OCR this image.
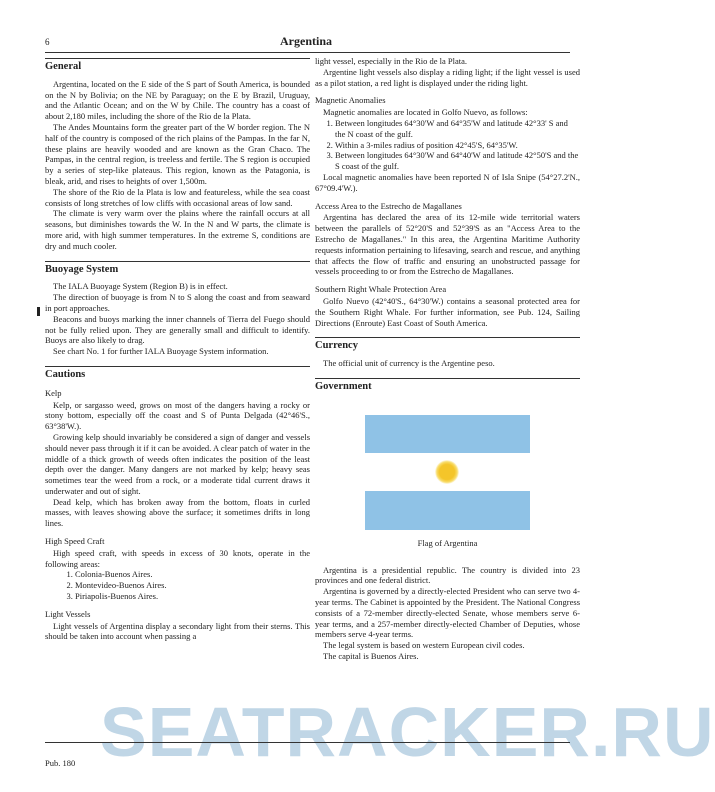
6	Argentina
General

Argentina, located on the E side of the S part of South America, is bounded on the N by Bolivia; on the NE by Paraguay; on the E by Brazil, Uruguay, and the Atlantic Ocean; and on the W by Chile. The country has a coast of about 2,180 miles, including the shore of the Rio de la Plata.

The Andes Mountains form the greater part of the W border region. The N half of the country is composed of the rich plains of the Pampas. In the far N, these plains are heavily wooded and are known as the Gran Chaco. The Pampas, in the central region, is treeless and fertile. The S region is occupied by a series of step-like plateaus. This region, known as the Patagonia, is bleak, arid, and rises to heights of over 1,500m.

The shore of the Rio de la Plata is low and featureless, while the sea coast consists of long stretches of low cliffs with occasional areas of low sand.

The climate is very warm over the plains where the rainfall occurs at all seasons, but diminishes towards the W. In the N and W parts, the climate is more arid, with high summer temperatures. In the extreme S, conditions are dry and much cooler.

Buoyage System

The IALA Buoyage System (Region B) is in effect.

The direction of buoyage is from N to S along the coast and from seaward in port approaches.

Beacons and buoys marking the inner channels of Tierra del Fuego should not be fully relied upon. They are generally small and difficult to identify. Buoys are also likely to drag.

See chart No. 1 for further IALA Buoyage System information.

Cautions
Kelp

Kelp, or sargasso weed, grows on most of the dangers having a rocky or stony bottom, especially off the coast and S of Punta Delgada (42°46'S., 63°38'W.).

Growing kelp should invariably be considered a sign of danger and vessels should never pass through it if it can be avoided. A clear patch of water in the middle of a thick growth of weeds often indicates the position of the least depth over the danger. Many dangers are not marked by kelp; heavy seas sometimes tear the weed from a rock, or a moderate tidal current draws it underwater and out of sight.

Dead kelp, which has broken away from the bottom, floats in curled masses, with leaves showing above the surface; it sometimes drifts in long lines.

High Speed Craft

High speed craft, with speeds in excess of 30 knots, operate in the following areas:

1. Colonia-Buenos Aires.
2. Montevideo-Buenos Aires.
3. Piriapolis-Buenos Aires.
Light Vessels

Light vessels of Argentina display a secondary light from their sterns. This should be taken into account when passing a

light vessel, especially in the Rio de la Plata.

Argentine light vessels also display a riding light; if the light vessel is used as a pilot station, a red light is displayed under the riding light.

Magnetic Anomalies

Magnetic anomalies are located in Golfo Nuevo, as follows:

1. Between longitudes 64°30'W and 64°35'W and latitude 42°33' S and the N coast of the gulf.
2. Within a 3-miles radius of position 42°45'S, 64°35'W.
3. Between longitudes 64°30'W and 64°40'W and latitude 42°50'S and the S coast of the gulf.

Local magnetic anomalies have been reported N of Isla Snipe (54°27.2'N., 67°09.4'W.).

Access Area to the Estrecho de Magallanes

Argentina has declared the area of its 12-mile wide territorial waters between the parallels of 52°20'S and 52°39'S as an "Access Area to the Estrecho de Magallanes." In this area, the Argentina Maritime Authority requests information pertaining to lifesaving, search and rescue, and anything that affects the flow of traffic and ensuring an unobstructed passage for vessels proceeding to or from the Estrecho de Magallanes.

Southern Right Whale Protection Area

Golfo Nuevo (42°40'S., 64°30'W.) contains a seasonal protected area for the Southern Right Whale. For further information, see Pub. 124, Sailing Directions (Enroute) East Coast of South America.

Currency

The official unit of currency is the Argentine peso.

Government
Flag of Argentina

Argentina is a presidential republic. The country is divided into 23 provinces and one federal district.

Argentina is governed by a directly-elected President who can serve two 4-year terms. The Cabinet is appointed by the President. The National Congress consists of a 72-member directly-elected Senate, whose members serve 6-year terms, and a 257-member directly-elected Chamber of Deputies, whose members serve 4-year terms.

The legal system is based on western European civil codes.

The capital is Buenos Aires.

SEATRACKER.RU
Pub. 180
